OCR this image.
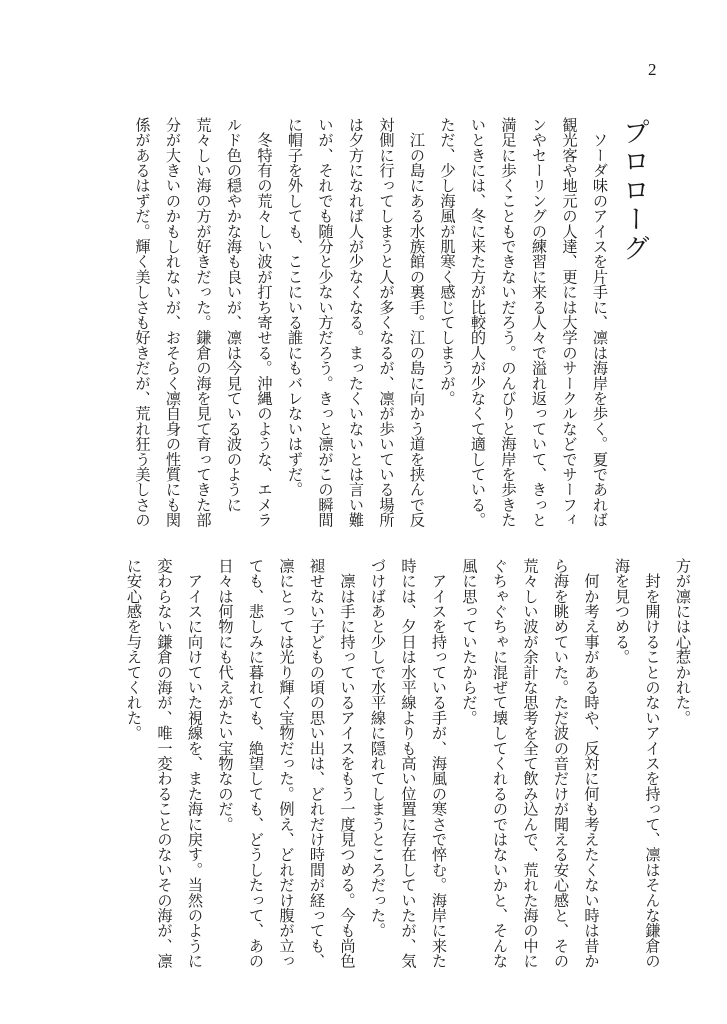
2
プロローグ
　ソーダ味のアイスを片手に、凛は海岸を歩く。夏であれば
観光客や地元の人達、更には大学のサークルなどでサーフィ
ンやセーリングの練習に来る人々で溢れ返っていて、きっと
満足に歩くこともできないだろう。のんびりと海岸を歩きた
いときには、冬に来た方が比較的人が少なくて適している。
ただ、少し海風が肌寒く感じてしまうが。
　江の島にある水族館の裏手。江の島に向かう道を挟んで反
対側に行ってしまうと人が多くなるが、凛が歩いている場所
は夕方になれば人が少なくなる。まったくいないとは言い難
いが、それでも随分と少ない方だろう。きっと凛がこの瞬間
に帽子を外しても、ここにいる誰にもバレないはずだ。
　冬特有の荒々しい波が打ち寄せる。沖縄のような、エメラ
ルド色の穏やかな海も良いが、凛は今見ている波のように
荒々しい海の方が好きだった。鎌倉の海を見て育ってきた部
分が大きいのかもしれないが、おそらく凛自身の性質にも関
係があるはずだ。輝く美しさも好きだが、荒れ狂う美しさの
方が凛には心惹かれた。
　封を開けることのないアイスを持って、凛はそんな鎌倉の
海を見つめる。
　何か考え事がある時や、反対に何も考えたくない時は昔か
ら海を眺めていた。ただ波の音だけが聞える安心感と、その
荒々しい波が余計な思考を全て飲み込んで、荒れた海の中に
ぐちゃぐちゃに混ぜて壊してくれるのではないかと、そんな
風に思っていたからだ。
　アイスを持っている手が、海風の寒さで悴む。海岸に来た
時には、夕日は水平線よりも高い位置に存在していたが、気
づけばあと少しで水平線に隠れてしまうところだった。
　凛は手に持っているアイスをもう一度見つめる。今も尚色
褪せない子どもの頃の思い出は、どれだけ時間が経っても、
凛にとっては光り輝く宝物だった。例え、どれだけ腹が立っ
ても、悲しみに暮れても、絶望しても、どうしたって、あの
日々は何物にも代えがたい宝物なのだ。
　アイスに向けていた視線を、また海に戻す。当然のように
変わらない鎌倉の海が、唯一変わることのないその海が、凛
に安心感を与えてくれた。
